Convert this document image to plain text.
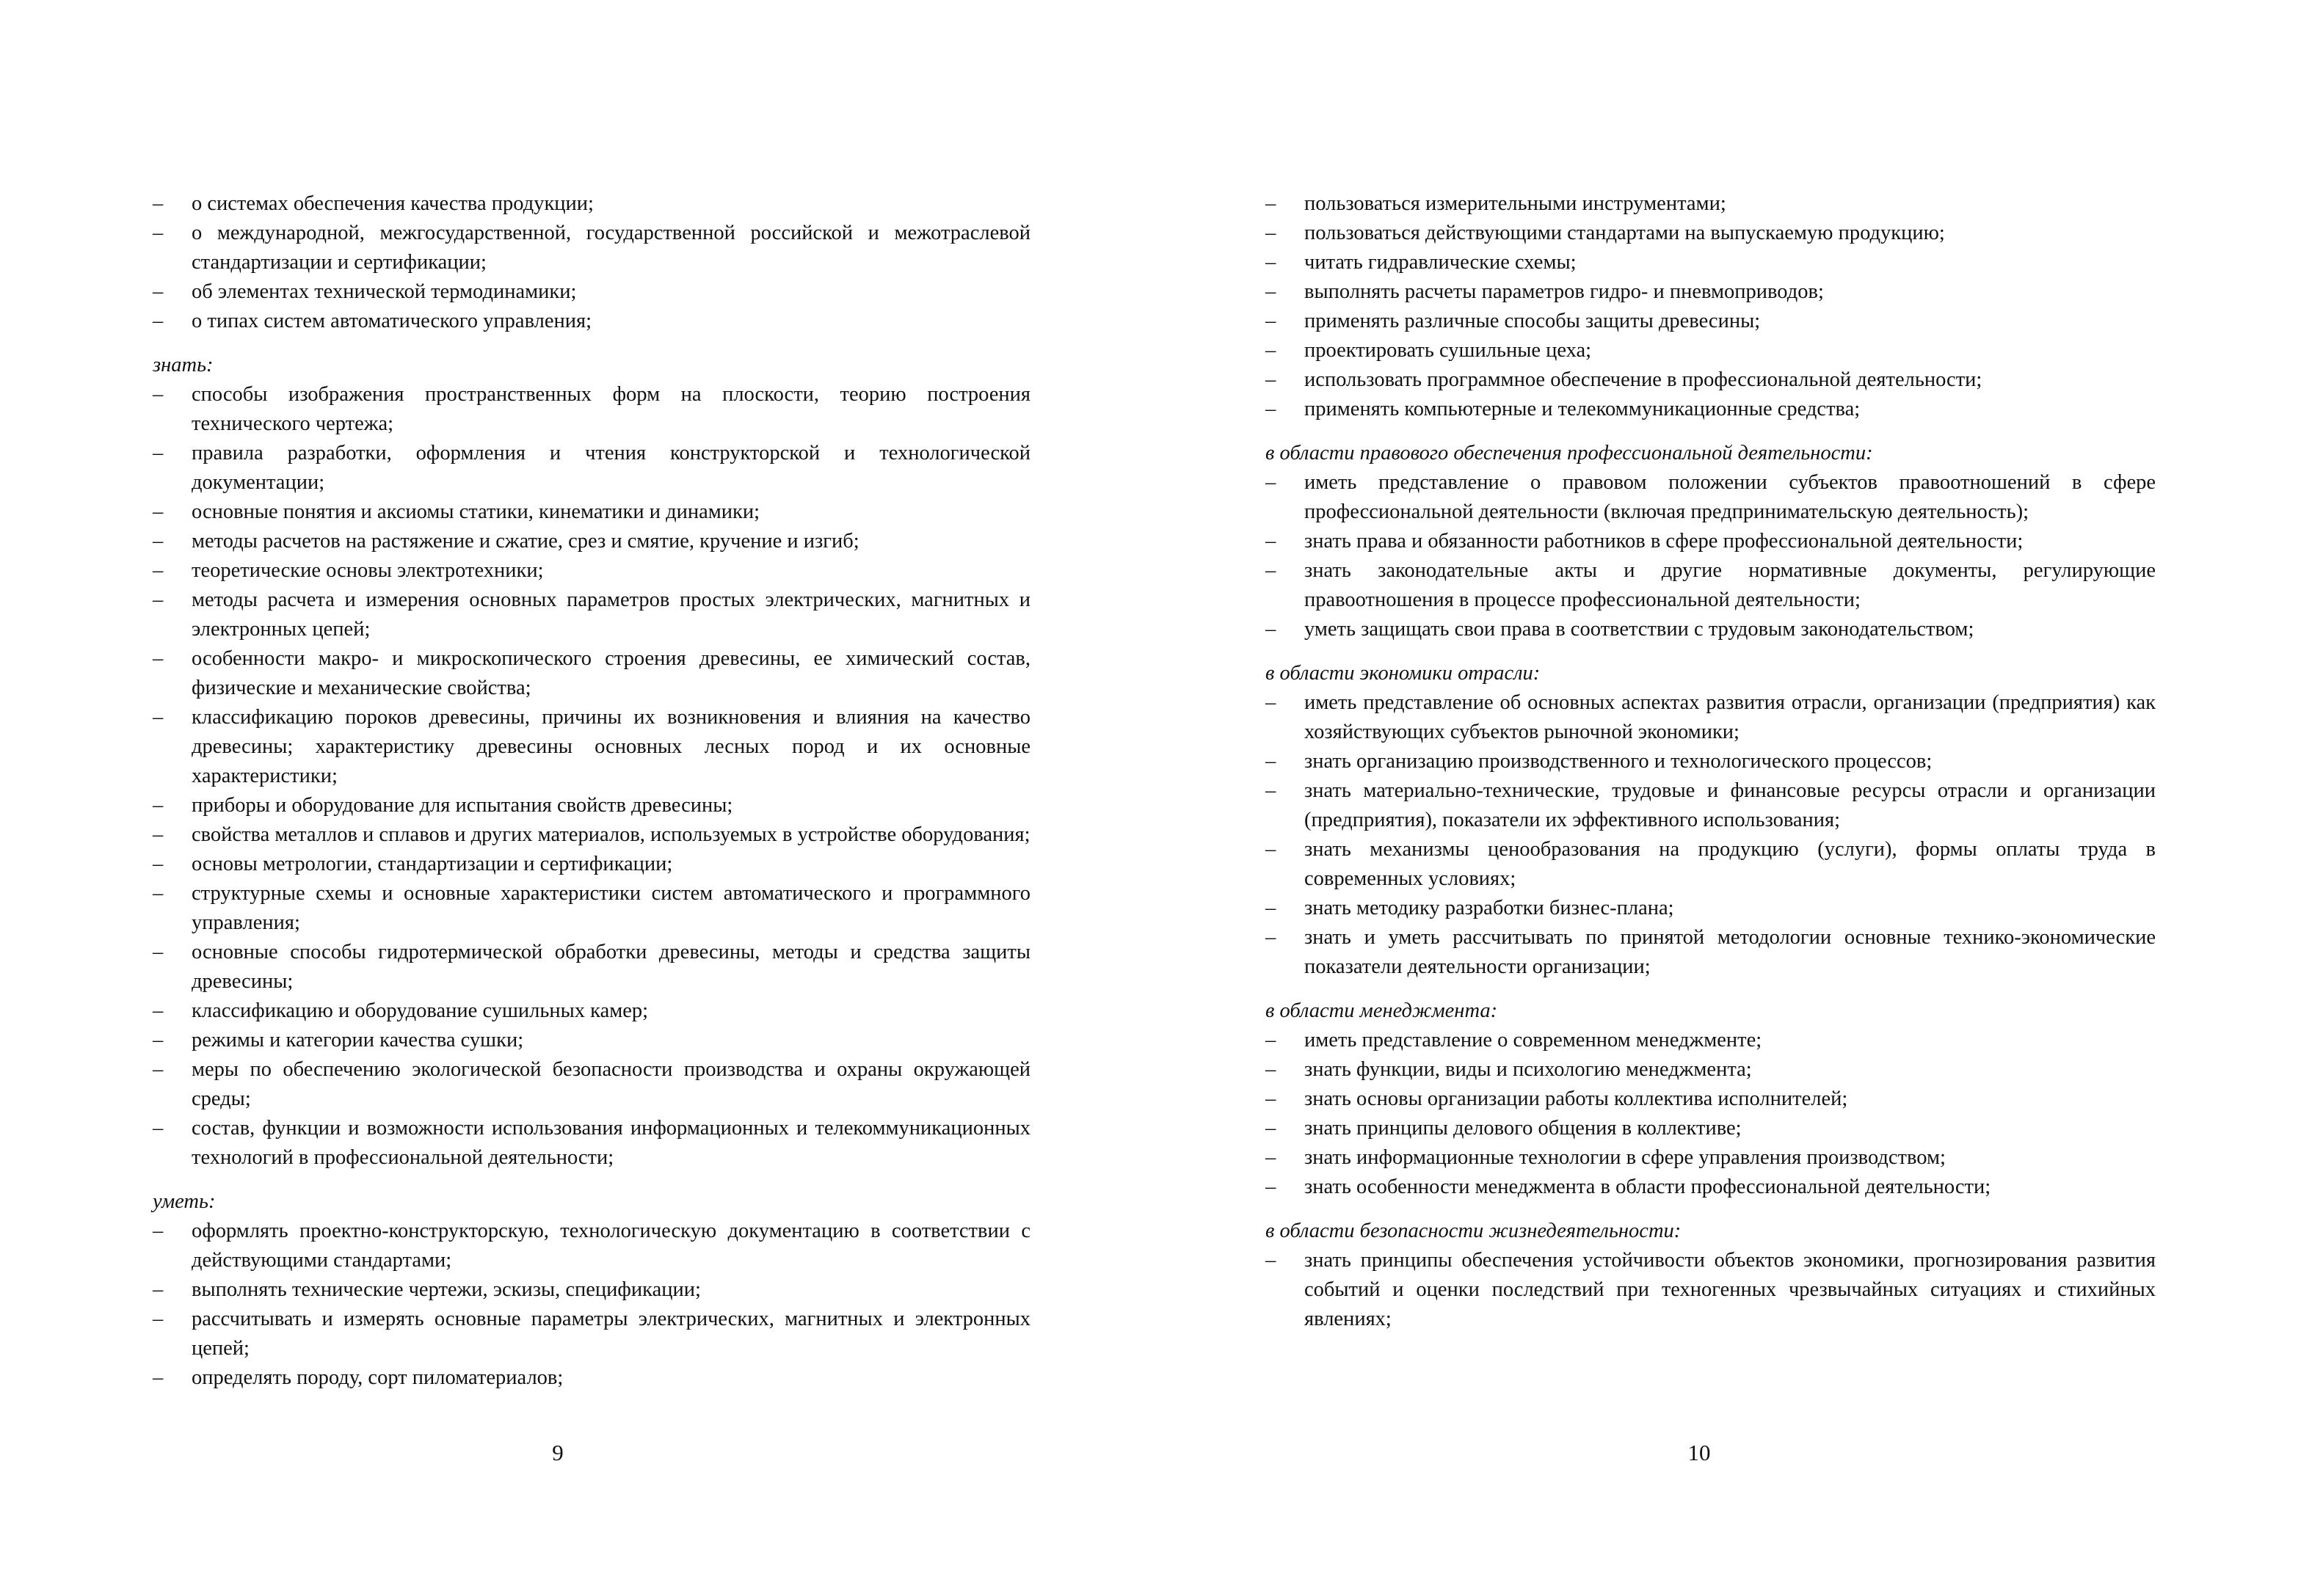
– о системах обеспечения качества продукции;
– о международной, межгосударственной, государственной российской и межотраслевой стандартизации и сертификации;
– об элементах технической термодинамики;
– о типах систем автоматического управления;
знать:
– способы изображения пространственных форм на плоскости, теорию построения технического чертежа;
– правила разработки, оформления и чтения конструкторской и технологической документации;
– основные понятия и аксиомы статики, кинематики и динамики;
– методы расчетов на растяжение и сжатие, срез и смятие, кручение и изгиб;
– теоретические основы электротехники;
– методы расчета и измерения основных параметров простых электрических, магнитных и электронных цепей;
– особенности макро- и микроскопического строения древесины, ее химический состав, физические и механические свойства;
– классификацию пороков древесины, причины их возникновения и влияния на качество древесины; характеристику древесины основных лесных пород и их основные характеристики;
– приборы и оборудование для испытания свойств древесины;
– свойства металлов и сплавов и других материалов, используемых в устройстве оборудования;
– основы метрологии, стандартизации и сертификации;
– структурные схемы и основные характеристики систем автоматического и программного управления;
– основные способы гидротермической обработки древесины, методы и средства защиты древесины;
– классификацию и оборудование сушильных камер;
– режимы и категории качества сушки;
– меры по обеспечению экологической безопасности производства и охраны окружающей среды;
– состав, функции и возможности использования информационных и телекоммуникационных технологий в профессиональной деятельности;
уметь:
– оформлять проектно-конструкторскую, технологическую документацию в соответствии с действующими стандартами;
– выполнять технические чертежи, эскизы, спецификации;
– рассчитывать и измерять основные параметры электрических, магнитных и электронных цепей;
– определять породу, сорт пиломатериалов;
9
– пользоваться измерительными инструментами;
– пользоваться действующими стандартами на выпускаемую продукцию;
– читать гидравлические схемы;
– выполнять расчеты параметров гидро- и пневмоприводов;
– применять различные способы защиты древесины;
– проектировать сушильные цеха;
– использовать программное обеспечение в профессиональной деятельности;
– применять компьютерные и телекоммуникационные средства;
в области правового обеспечения профессиональной деятельности:
– иметь представление о правовом положении субъектов правоотношений в сфере профессиональной деятельности (включая предпринимательскую деятельность);
– знать права и обязанности работников в сфере профессиональной деятельности;
– знать законодательные акты и другие нормативные документы, регулирующие правоотношения в процессе профессиональной деятельности;
– уметь защищать свои права в соответствии с трудовым законодательством;
в области экономики отрасли:
– иметь представление об основных аспектах развития отрасли, организации (предприятия) как хозяйствующих субъектов рыночной экономики;
– знать организацию производственного и технологического процессов;
– знать материально-технические, трудовые и финансовые ресурсы отрасли и организации (предприятия), показатели их эффективного использования;
– знать механизмы ценообразования на продукцию (услуги), формы оплаты труда в современных условиях;
– знать методику разработки бизнес-плана;
– знать и уметь рассчитывать по принятой методологии основные технико-экономические показатели деятельности организации;
в области менеджмента:
– иметь представление о современном менеджменте;
– знать функции, виды и психологию менеджмента;
– знать основы организации работы коллектива исполнителей;
– знать принципы делового общения в коллективе;
– знать информационные технологии в сфере управления производством;
– знать особенности менеджмента в области профессиональной деятельности;
в области безопасности жизнедеятельности:
– знать принципы обеспечения устойчивости объектов экономики, прогнозирования развития событий и оценки последствий при техногенных чрезвычайных ситуациях и стихийных явлениях;
10
